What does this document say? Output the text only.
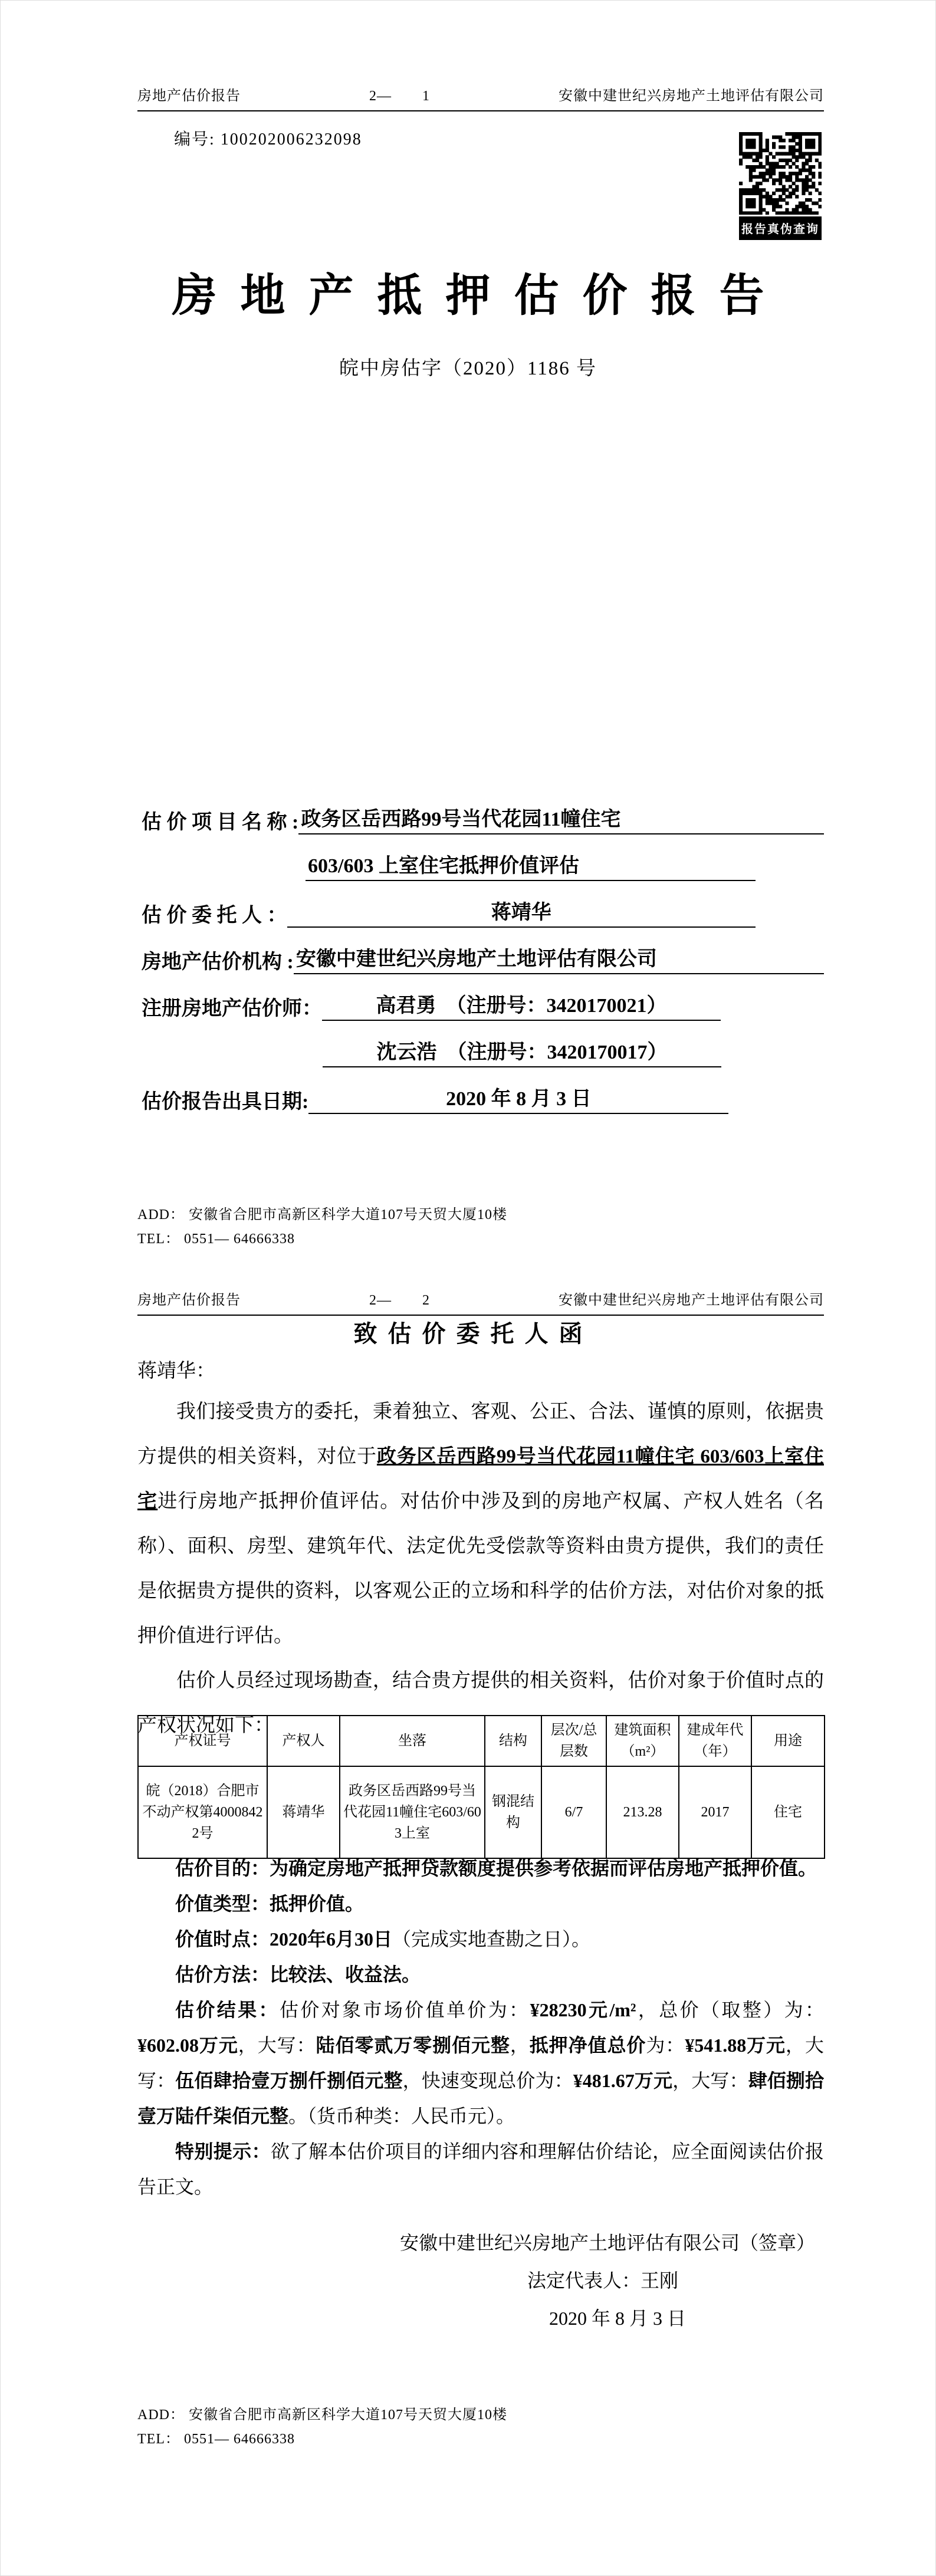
房地产估价报告	2— 1	安徽中建世纪兴房地产土地评估有限公司
编号: 100202006232098
报告真伪查询
房地产抵押估价报告
皖中房估字（2020）1186 号
估 价 项 目 名 称 : 政务区岳西路99号当代花园11幢住宅
603/603 上室住宅抵押价值评估
估 价 委 托 人 ：	蒋靖华
房地产估价机构 : 安徽中建世纪兴房地产土地评估有限公司
注册房地产估价师：	高君勇　（注册号：3420170021）
沈云浩　（注册号：3420170017）
估价报告出具日期:	2020 年 8 月 3 日
ADD： 安徽省合肥市高新区科学大道107号天贸大厦10楼
TEL： 0551— 64666338
房地产估价报告	2— 2	安徽中建世纪兴房地产土地评估有限公司
致估价委托人函
蒋靖华：

我们接受贵方的委托，秉着独立、客观、公正、合法、谨慎的原则，依据贵方提供的相关资料，对位于政务区岳西路99号当代花园11幢住宅 603/603上室住宅进行房地产抵押价值评估。对估价中涉及到的房地产权属、产权人姓名（名称）、面积、房型、建筑年代、法定优先受偿款等资料由贵方提供，我们的责任是依据贵方提供的资料，以客观公正的立场和科学的估价方法，对估价对象的抵押价值进行评估。

估价人员经过现场勘查，结合贵方提供的相关资料，估价对象于价值时点的产权状况如下：

产权证号	产权人	坐落	结构	层次/总层数	建筑面积（m²）	建成年代（年）	用途
皖（2018）合肥市不动产权第40008422号	蒋靖华	政务区岳西路99号当代花园11幢住宅603/603上室	钢混结构	6/7	213.28	2017	住宅

估价目的：为确定房地产抵押贷款额度提供参考依据而评估房地产抵押价值。

价值类型：抵押价值。

价值时点：2020年6月30日（完成实地查勘之日）。

估价方法：比较法、收益法。

估价结果：估价对象市场价值单价为：¥28230元/m²，总价（取整）为：¥602.08万元，大写：陆佰零贰万零捌佰元整，抵押净值总价为：¥541.88万元，大写：伍佰肆拾壹万捌仟捌佰元整，快速变现总价为：¥481.67万元，大写：肆佰捌拾壹万陆仟柒佰元整。（货币种类：人民币元）。

特别提示：欲了解本估价项目的详细内容和理解估价结论，应全面阅读估价报告正文。

安徽中建世纪兴房地产土地评估有限公司（签章）
法定代表人：王刚
2020 年 8 月 3 日
ADD： 安徽省合肥市高新区科学大道107号天贸大厦10楼
TEL： 0551— 64666338
